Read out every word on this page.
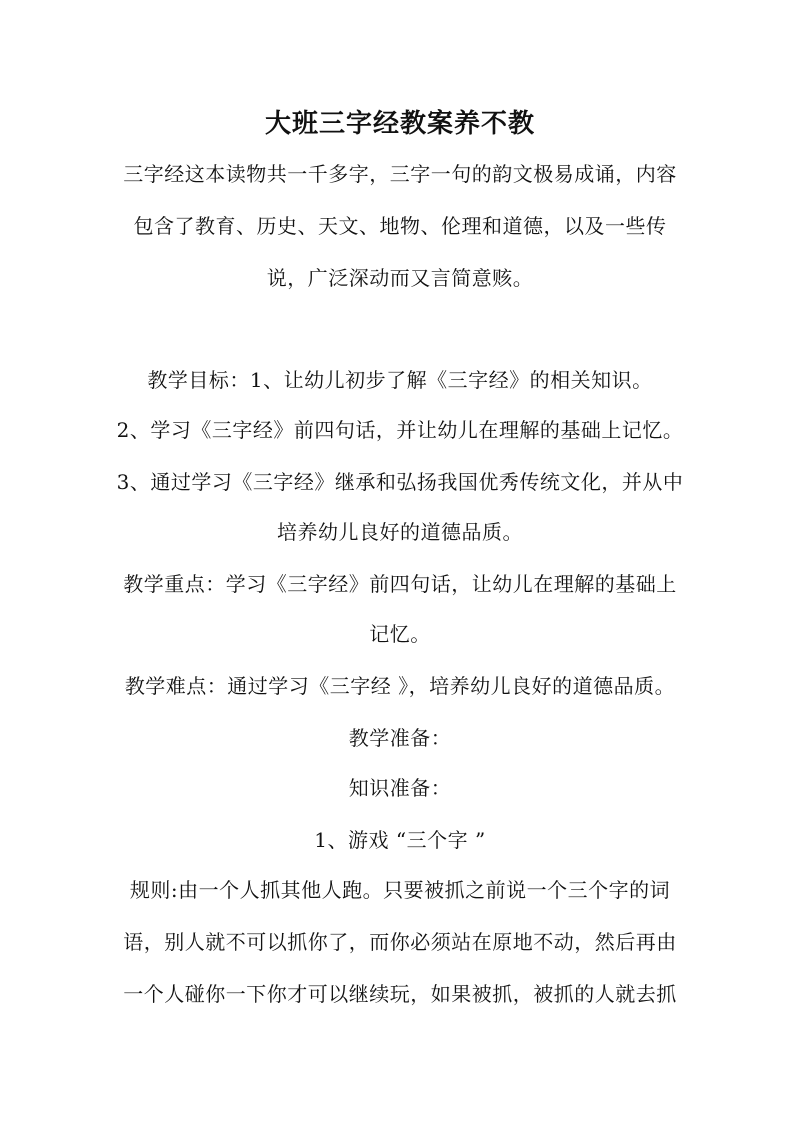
大班三字经教案养不教
三字经这本读物共一千多字，三字一句的韵文极易成诵，内容
包含了教育、历史、天文、地物、伦理和道德，以及一些传
说，广泛深动而又言简意赅。
教学目标：1、让幼儿初步了解《三字经》的相关知识。
2、学习《三字经》前四句话，并让幼儿在理解的基础上记忆。
3、通过学习《三字经》继承和弘扬我国优秀传统文化，并从中
培养幼儿良好的道德品质。
教学重点：学习《三字经》前四句话，让幼儿在理解的基础上
记忆。
教学难点：通过学习《三字经 》，培养幼儿良好的道德品质。
教学准备：
知识准备：
1、游戏 “三个字 ”
规则:由一个人抓其他人跑。只要被抓之前说一个三个字的词
语，别人就不可以抓你了，而你必须站在原地不动，然后再由
一个人碰你一下你才可以继续玩，如果被抓，被抓的人就去抓
